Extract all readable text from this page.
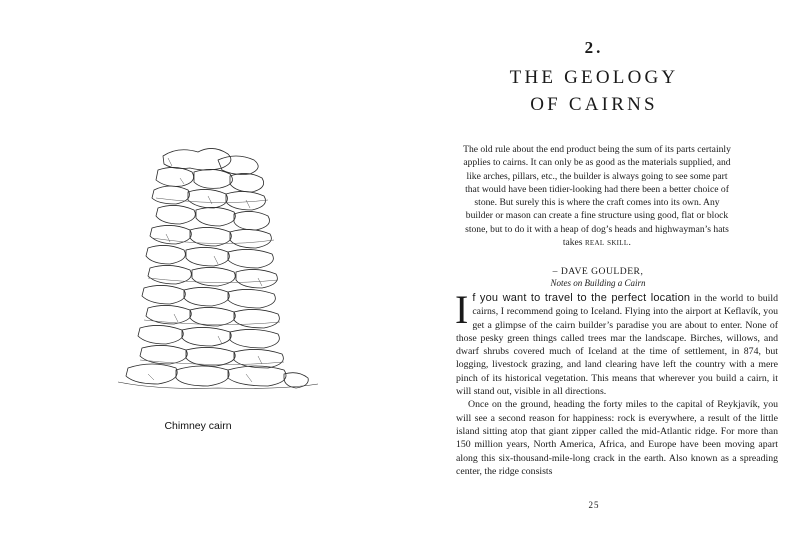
Chimney cairn
2.
THE GEOLOGY
OF CAIRNS

The old rule about the end product being the sum of its parts certainly applies to cairns. It can only be as good as the materials supplied, and like arches, pillars, etc., the builder is always going to see some part that would have been tidier-looking had there been a better choice of stone. But surely this is where the craft comes into its own. Any builder or mason can create a fine structure using good, flat or block stone, but to do it with a heap of dog’s heads and highwayman’s hats takes real skill.

– DAVE GOULDER,
Notes on Building a Cairn

If you want to travel to the perfect location in the world to build cairns, I recommend going to Iceland. Flying into the airport at Keflavík, you get a glimpse of the cairn builder’s paradise you are about to enter. None of those pesky green things called trees mar the landscape. Birches, willows, and dwarf shrubs covered much of Iceland at the time of settlement, in 874, but logging, livestock grazing, and land clearing have left the country with a mere pinch of its historical vegetation. This means that wherever you build a cairn, it will stand out, visible in all directions.

Once on the ground, heading the forty miles to the capital of Reykjavík, you will see a second reason for happiness: rock is everywhere, a result of the little island sitting atop that giant zipper called the mid-Atlantic ridge. For more than 150 million years, North America, Africa, and Europe have been moving apart along this six-thousand-mile-long crack in the earth. Also known as a spreading center, the ridge consists

25
